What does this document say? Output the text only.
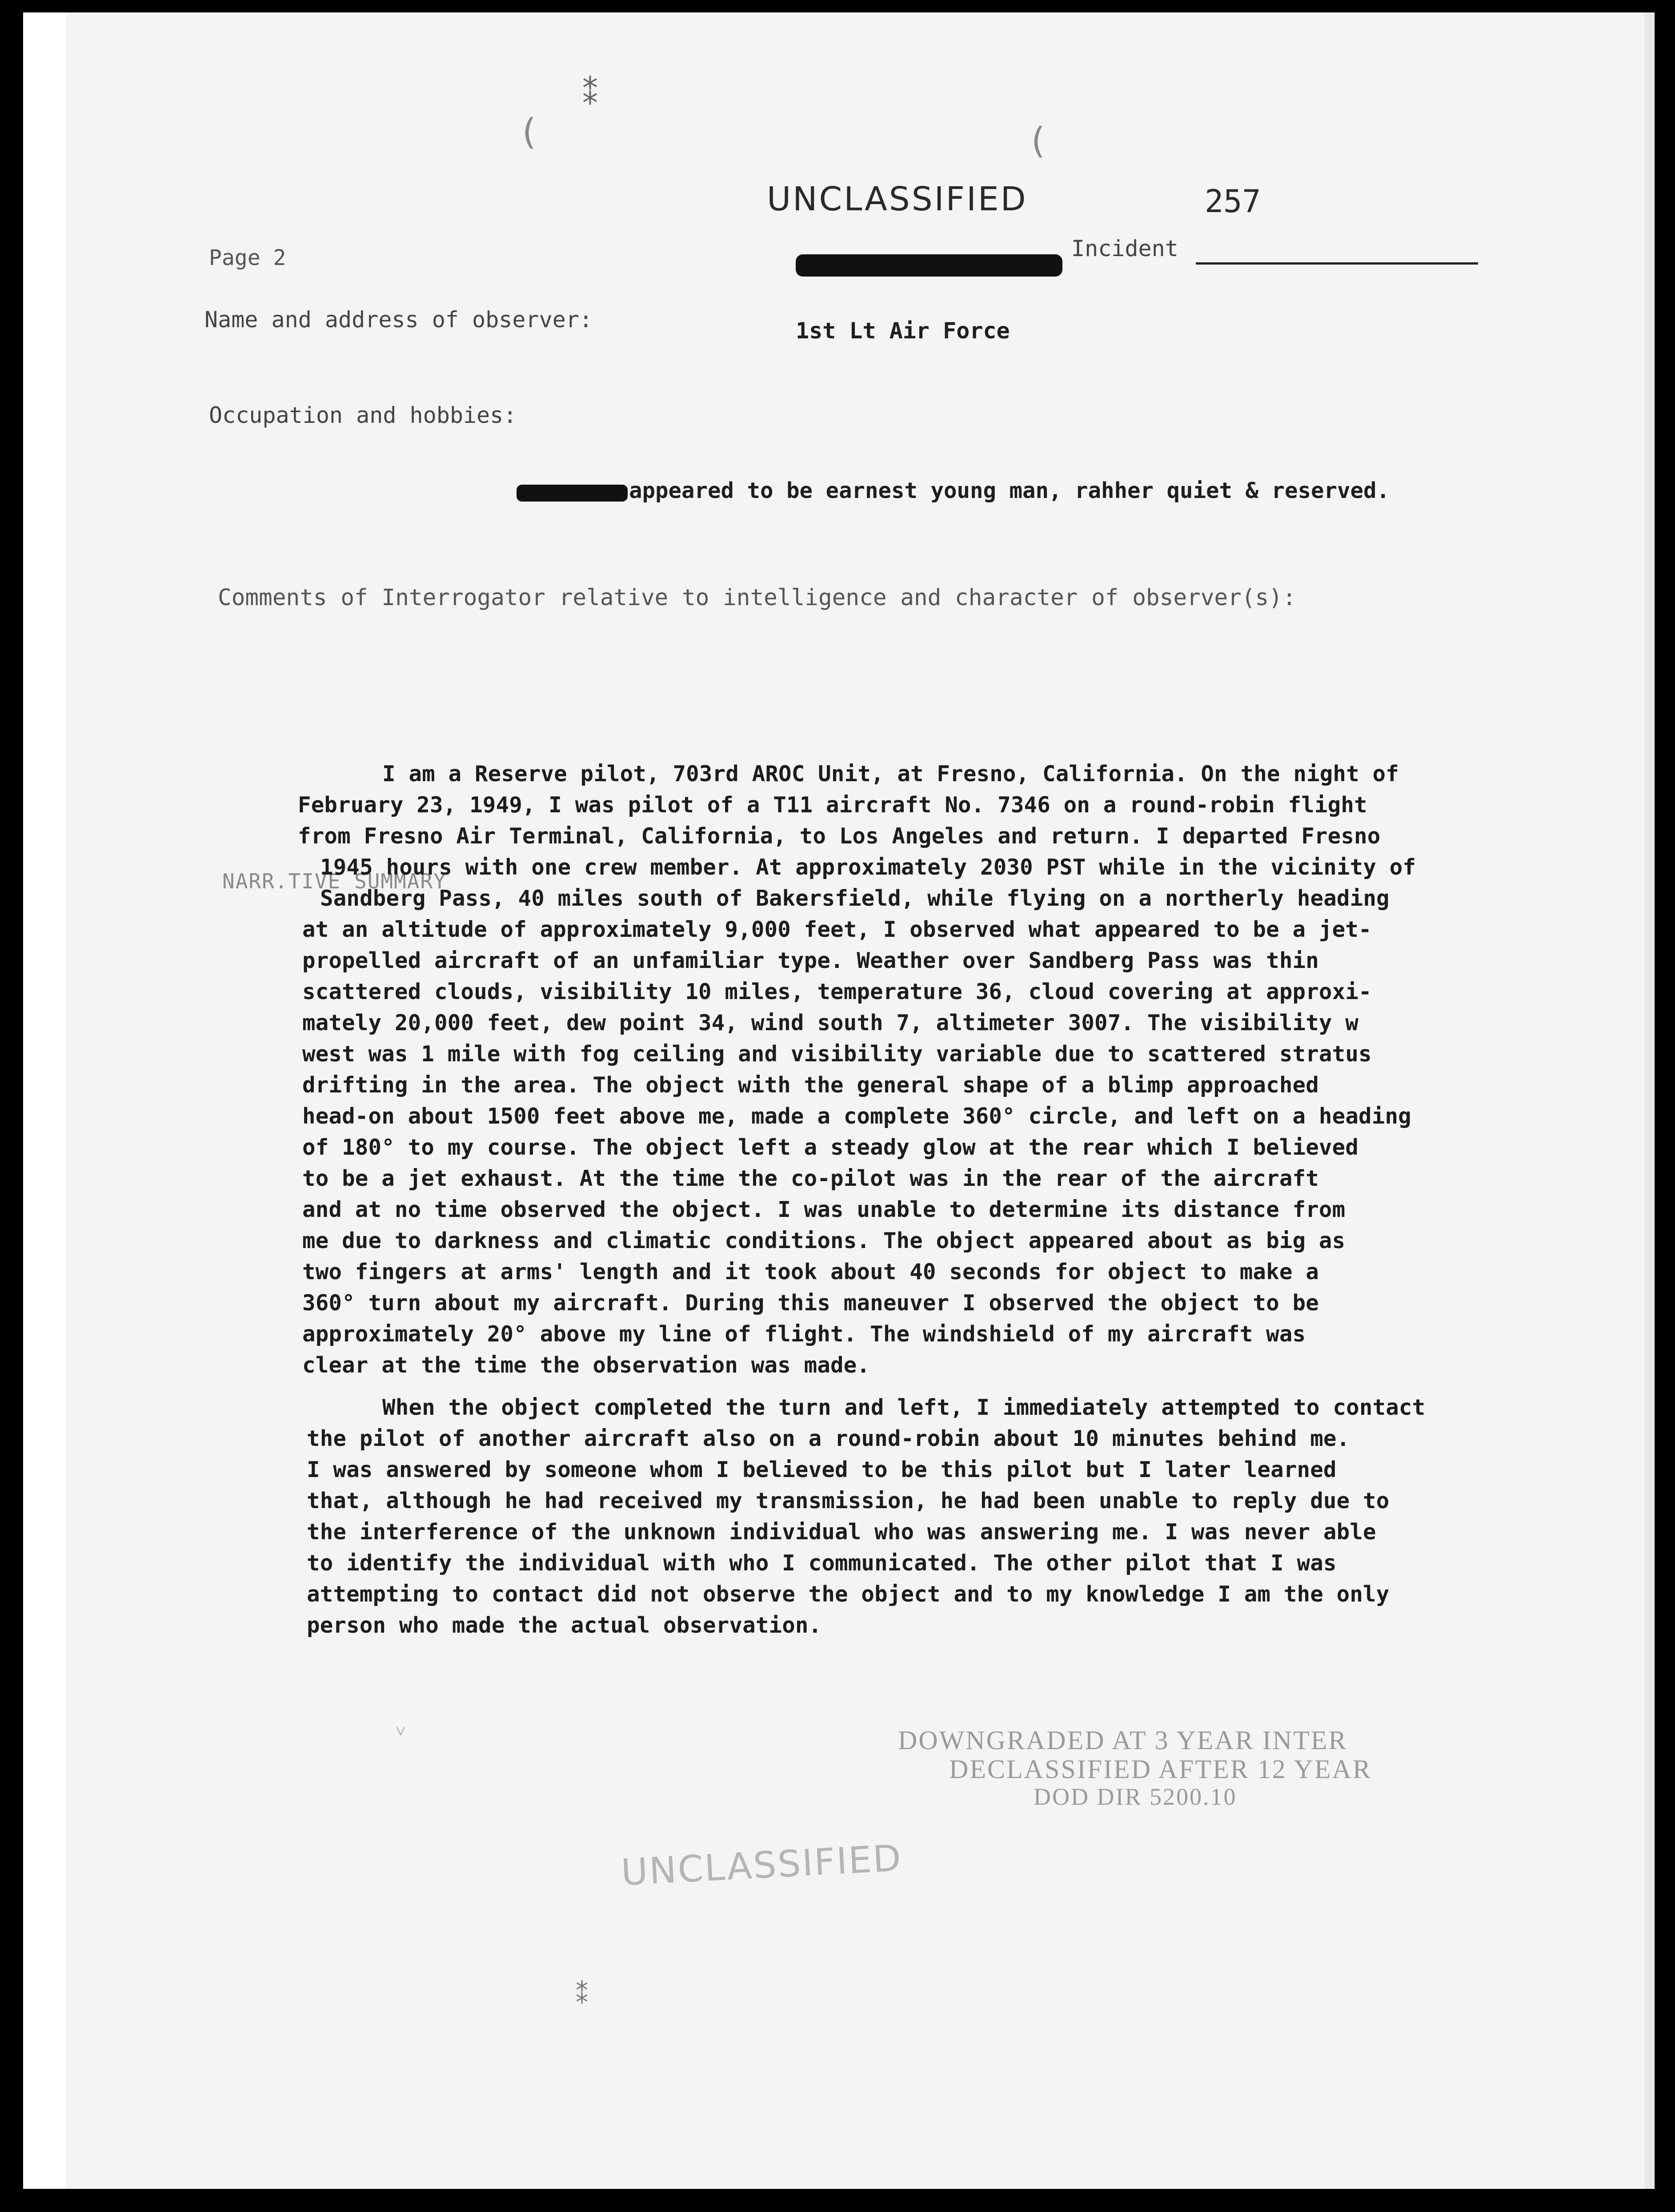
⁑
(	(
UNCLASSIFIED	257
Page 2	Incident
Name and address of observer:	1st Lt Air Force
Occupation and hobbies:
appeared to be earnest young man, rahher quiet & reserved.
Comments of Interrogator relative to intelligence and character of observer(s):
NARR.TIVE SUMMARY
I am a Reserve pilot, 703rd AROC Unit, at Fresno, California. On the night of
February 23, 1949, I was pilot of a T11 aircraft No. 7346 on a round-robin flight
from Fresno Air Terminal, California, to Los Angeles and return. I departed Fresno
1945 hours with one crew member. At approximately 2030 PST while in the vicinity of
Sandberg Pass, 40 miles south of Bakersfield, while flying on a northerly heading
at an altitude of approximately 9,000 feet, I observed what appeared to be a jet-
propelled aircraft of an unfamiliar type. Weather over Sandberg Pass was thin
scattered clouds, visibility 10 miles, temperature 36, cloud covering at approxi-
mately 20,000 feet, dew point 34, wind south 7, altimeter 3007. The visibility w
west was 1 mile with fog ceiling and visibility variable due to scattered stratus
drifting in the area. The object with the general shape of a blimp approached
head-on about 1500 feet above me, made a complete 360° circle, and left on a heading
of 180° to my course. The object left a steady glow at the rear which I believed
to be a jet exhaust. At the time the co-pilot was in the rear of the aircraft
and at no time observed the object. I was unable to determine its distance from
me due to darkness and climatic conditions. The object appeared about as big as
two fingers at arms' length and it took about 40 seconds for object to make a
360° turn about my aircraft. During this maneuver I observed the object to be
approximately 20° above my line of flight. The windshield of my aircraft was
clear at the time the observation was made.
When the object completed the turn and left, I immediately attempted to contact
the pilot of another aircraft also on a round-robin about 10 minutes behind me.
I was answered by someone whom I believed to be this pilot but I later learned
that, although he had received my transmission, he had been unable to reply due to
the interference of the unknown individual who was answering me. I was never able
to identify the individual with who I communicated. The other pilot that I was
attempting to contact did not observe the object and to my knowledge I am the only
person who made the actual observation.
DOWNGRADED AT 3 YEAR INTER
DECLASSIFIED AFTER 12 YEAR
DOD DIR 5200.10
UNCLASSIFIED
˅
⁑
